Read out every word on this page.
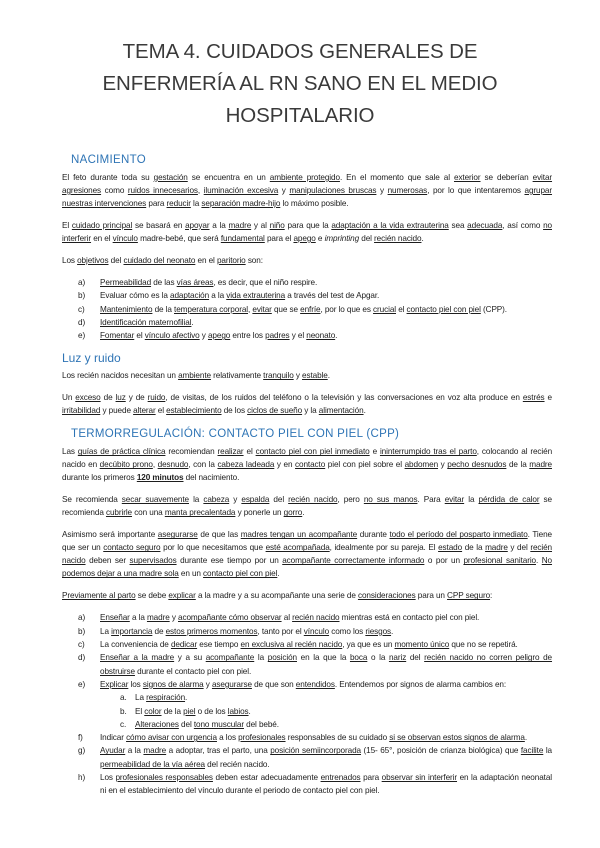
TEMA 4. CUIDADOS GENERALES DE
ENFERMERÍA AL RN SANO EN EL MEDIO
HOSPITALARIO
NACIMIENTO

El feto durante toda su gestación se encuentra en un ambiente protegido. En el momento que sale al exterior se deberían evitar agresiones como ruidos innecesarios, iluminación excesiva y manipulaciones bruscas y numerosas, por lo que intentaremos agrupar nuestras intervenciones para reducir la separación madre-hijo lo máximo posible.

El cuidado principal se basará en apoyar a la madre y al niño para que la adaptación a la vida extrauterina sea adecuada, así como no interferir en el vínculo madre-bebé, que será fundamental para el apego e imprinting del recién nacido.

Los objetivos del cuidado del neonato en el paritorio son:

a)	Permeabilidad de las vías áreas, es decir, que el niño respire.
b)	Evaluar cómo es la adaptación a la vida extrauterina a través del test de Apgar.
c)	Mantenimiento de la temperatura corporal, evitar que se enfríe, por lo que es crucial el contacto piel con piel (CPP).
d)	Identificación maternofilial.
e)	Fomentar el vínculo afectivo y apego entre los padres y el neonato.
Luz y ruido

Los recién nacidos necesitan un ambiente relativamente tranquilo y estable.

Un exceso de luz y de ruido, de visitas, de los ruidos del teléfono o la televisión y las conversaciones en voz alta produce en estrés e irritabilidad y puede alterar el establecimiento de los ciclos de sueño y la alimentación.

TERMORREGULACIÓN: CONTACTO PIEL CON PIEL (CPP)

Las guías de práctica clínica recomiendan realizar el contacto piel con piel inmediato e ininterrumpido tras el parto, colocando al recién nacido en decúbito prono, desnudo, con la cabeza ladeada y en contacto piel con piel sobre el abdomen y pecho desnudos de la madre durante los primeros 120 minutos del nacimiento.

Se recomienda secar suavemente la cabeza y espalda del recién nacido, pero no sus manos. Para evitar la pérdida de calor se recomienda cubrirle con una manta precalentada y ponerle un gorro.

Asimismo será importante asegurarse de que las madres tengan un acompañante durante todo el período del posparto inmediato. Tiene que ser un contacto seguro por lo que necesitamos que esté acompañada, idealmente por su pareja. El estado de la madre y del recién nacido deben ser supervisados durante ese tiempo por un acompañante correctamente informado o por un profesional sanitario. No podemos dejar a una madre sola en un contacto piel con piel.

Previamente al parto se debe explicar a la madre y a su acompañante una serie de consideraciones para un CPP seguro:

a)	Enseñar a la madre y acompañante cómo observar al recién nacido mientras está en contacto piel con piel.
b)	La importancia de estos primeros momentos, tanto por el vínculo como los riesgos.
c)	La conveniencia de dedicar ese tiempo en exclusiva al recién nacido, ya que es un momento único que no se repetirá.
d)	Enseñar a la madre y a su acompañante la posición en la que la boca o la nariz del recién nacido no corren peligro de obstruirse durante el contacto piel con piel.
e)	Explicar los signos de alarma y asegurarse de que son entendidos. Entendemos por signos de alarma cambios en:
a.	La respiración.
b.	El color de la piel o de los labios.
c.	Alteraciones del tono muscular del bebé.
f)	Indicar cómo avisar con urgencia a los profesionales responsables de su cuidado si se observan estos signos de alarma.
g)	Ayudar a la madre a adoptar, tras el parto, una posición semiincorporada (15- 65°, posición de crianza biológica) que facilite la permeabilidad de la vía aérea del recién nacido.
h)	Los profesionales responsables deben estar adecuadamente entrenados para observar sin interferir en la adaptación neonatal ni en el establecimiento del vínculo durante el periodo de contacto piel con piel.
